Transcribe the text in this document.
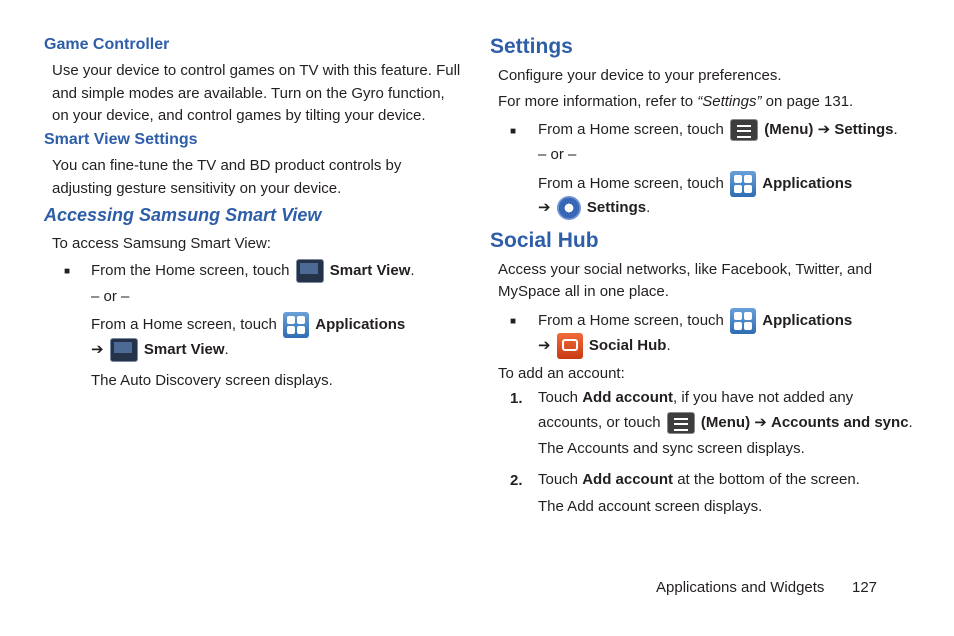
Game Controller
Use your device to control games on TV with this feature. Full
and simple modes are available. Turn on the Gyro function,
on your device, and control games by tilting your device.
Smart View Settings
You can fine-tune the TV and BD product controls by
adjusting gesture sensitivity on your device.
Accessing Samsung Smart View
To access Samsung Smart View:
■ From the Home screen, touch	Smart View.
– or –
From a Home screen, touch	Applications
➔	Smart View.
The Auto Discovery screen displays.
Settings
Configure your device to your preferences.
For more information, refer to “Settings” on page 131.
■ From a Home screen, touch	(Menu) ➔ Settings.
– or –
From a Home screen, touch	Applications
➔ Settings.
Social Hub
Access your social networks, like Facebook, Twitter, and
MySpace all in one place.
■ From a Home screen, touch	Applications
➔	Social Hub.
To add an account:
1. Touch Add account, if you have not added any
accounts, or touch	(Menu) ➔ Accounts and sync.
The Accounts and sync screen displays.
2. Touch Add account at the bottom of the screen.
The Add account screen displays.
Applications and Widgets 127
